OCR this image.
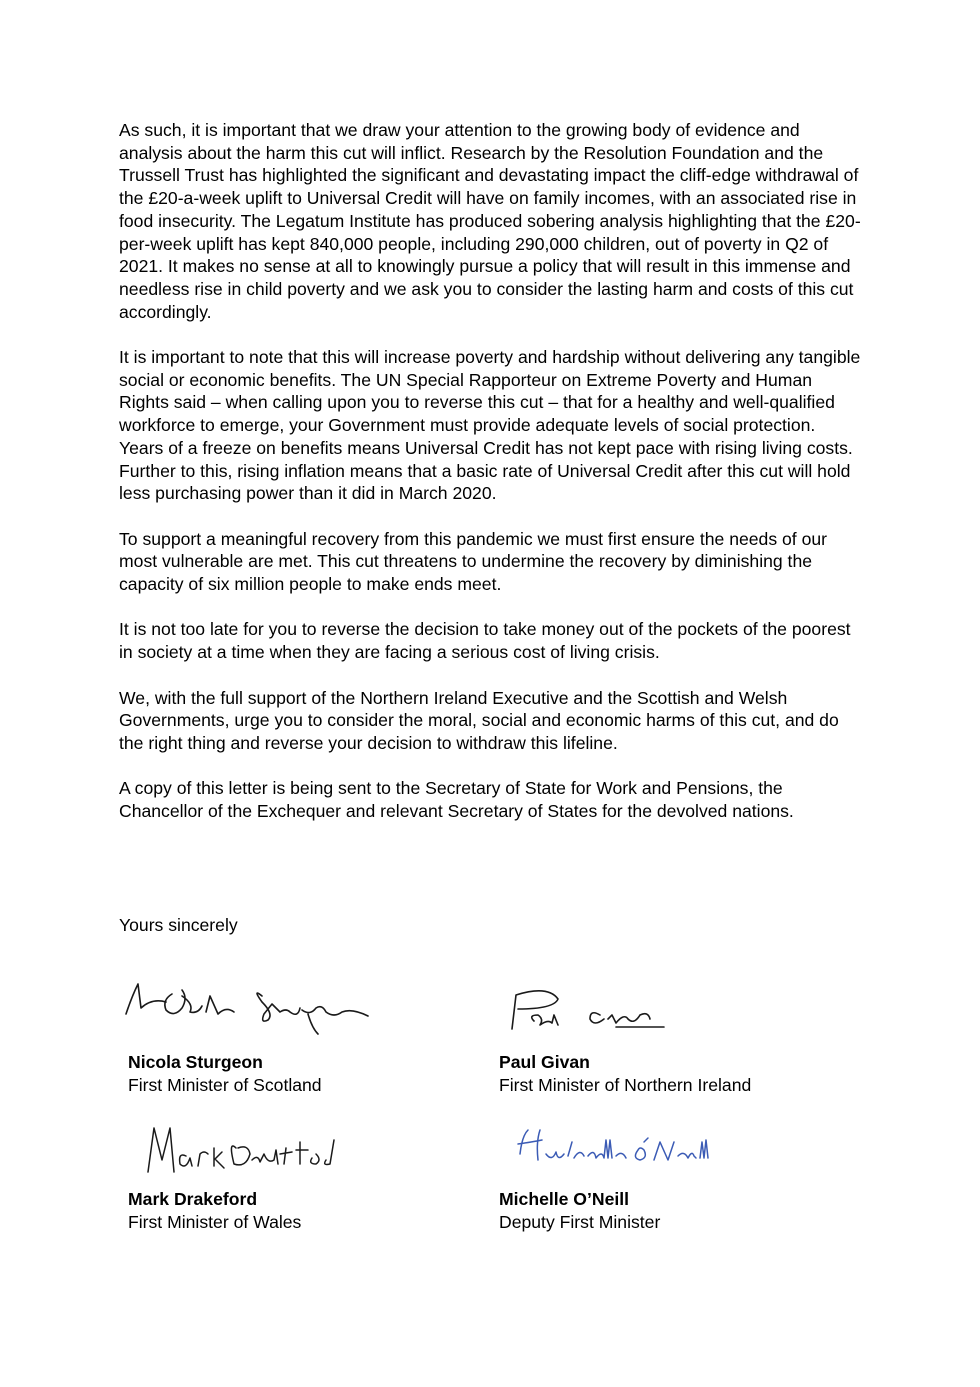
As such, it is important that we draw your attention to the growing body of evidence and analysis about the harm this cut will inflict. Research by the Resolution Foundation and the Trussell Trust has highlighted the significant and devastating impact the cliff-edge withdrawal of the £20-a-week uplift to Universal Credit will have on family incomes, with an associated rise in food insecurity. The Legatum Institute has produced sobering analysis highlighting that the £20-per-week uplift has kept 840,000 people, including 290,000 children, out of poverty in Q2 of 2021. It makes no sense at all to knowingly pursue a policy that will result in this immense and needless rise in child poverty and we ask you to consider the lasting harm and costs of this cut accordingly.

It is important to note that this will increase poverty and hardship without delivering any tangible social or economic benefits. The UN Special Rapporteur on Extreme Poverty and Human Rights said – when calling upon you to reverse this cut – that for a healthy and well-qualified workforce to emerge, your Government must provide adequate levels of social protection. Years of a freeze on benefits means Universal Credit has not kept pace with rising living costs. Further to this, rising inflation means that a basic rate of Universal Credit after this cut will hold less purchasing power than it did in March 2020.

To support a meaningful recovery from this pandemic we must first ensure the needs of our most vulnerable are met. This cut threatens to undermine the recovery by diminishing the capacity of six million people to make ends meet.

It is not too late for you to reverse the decision to take money out of the pockets of the poorest in society at a time when they are facing a serious cost of living crisis.

We, with the full support of the Northern Ireland Executive and the Scottish and Welsh Governments, urge you to consider the moral, social and economic harms of this cut, and do the right thing and reverse your decision to withdraw this lifeline.

A copy of this letter is being sent to the Secretary of State for Work and Pensions, the Chancellor of the Exchequer and relevant Secretary of States for the devolved nations.

Yours sincerely
Nicola Sturgeon
First Minister of Scotland
Paul Givan
First Minister of Northern Ireland
Mark Drakeford
First Minister of Wales
Michelle O’Neill
Deputy First Minister
